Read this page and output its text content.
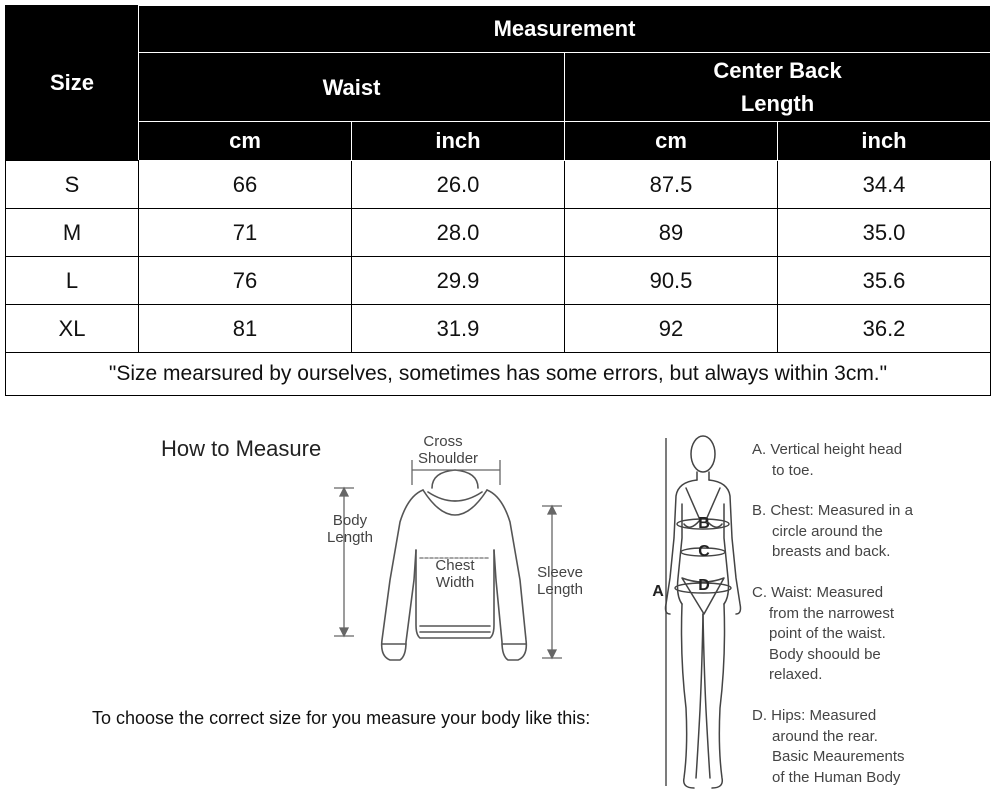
Size	Measurement			
	Waist		Center Back
Length	
	cm	inch	cm	inch
S	66	26.0	87.5	34.4
M	71	28.0	89	35.0
L	76	29.9	90.5	35.6
XL	81	31.9	92	36.2
"Size mearsured by ourselves, sometimes has some errors, but always within 3cm."				
How to Measure	Cross
Shoulder
Body
Length
Chest
Width
Sleeve
Length
To choose the correct size for you measure your body like this:
B
C
D
A
A. Vertical height head
to toe.
B. Chest: Measured in a
circle around the
breasts and back.
C. Waist: Measured
from the narrowest
point of the waist.
Body shoould be
relaxed.
D. Hips: Measured
around the rear.
Basic Meaurements
of the Human Body
